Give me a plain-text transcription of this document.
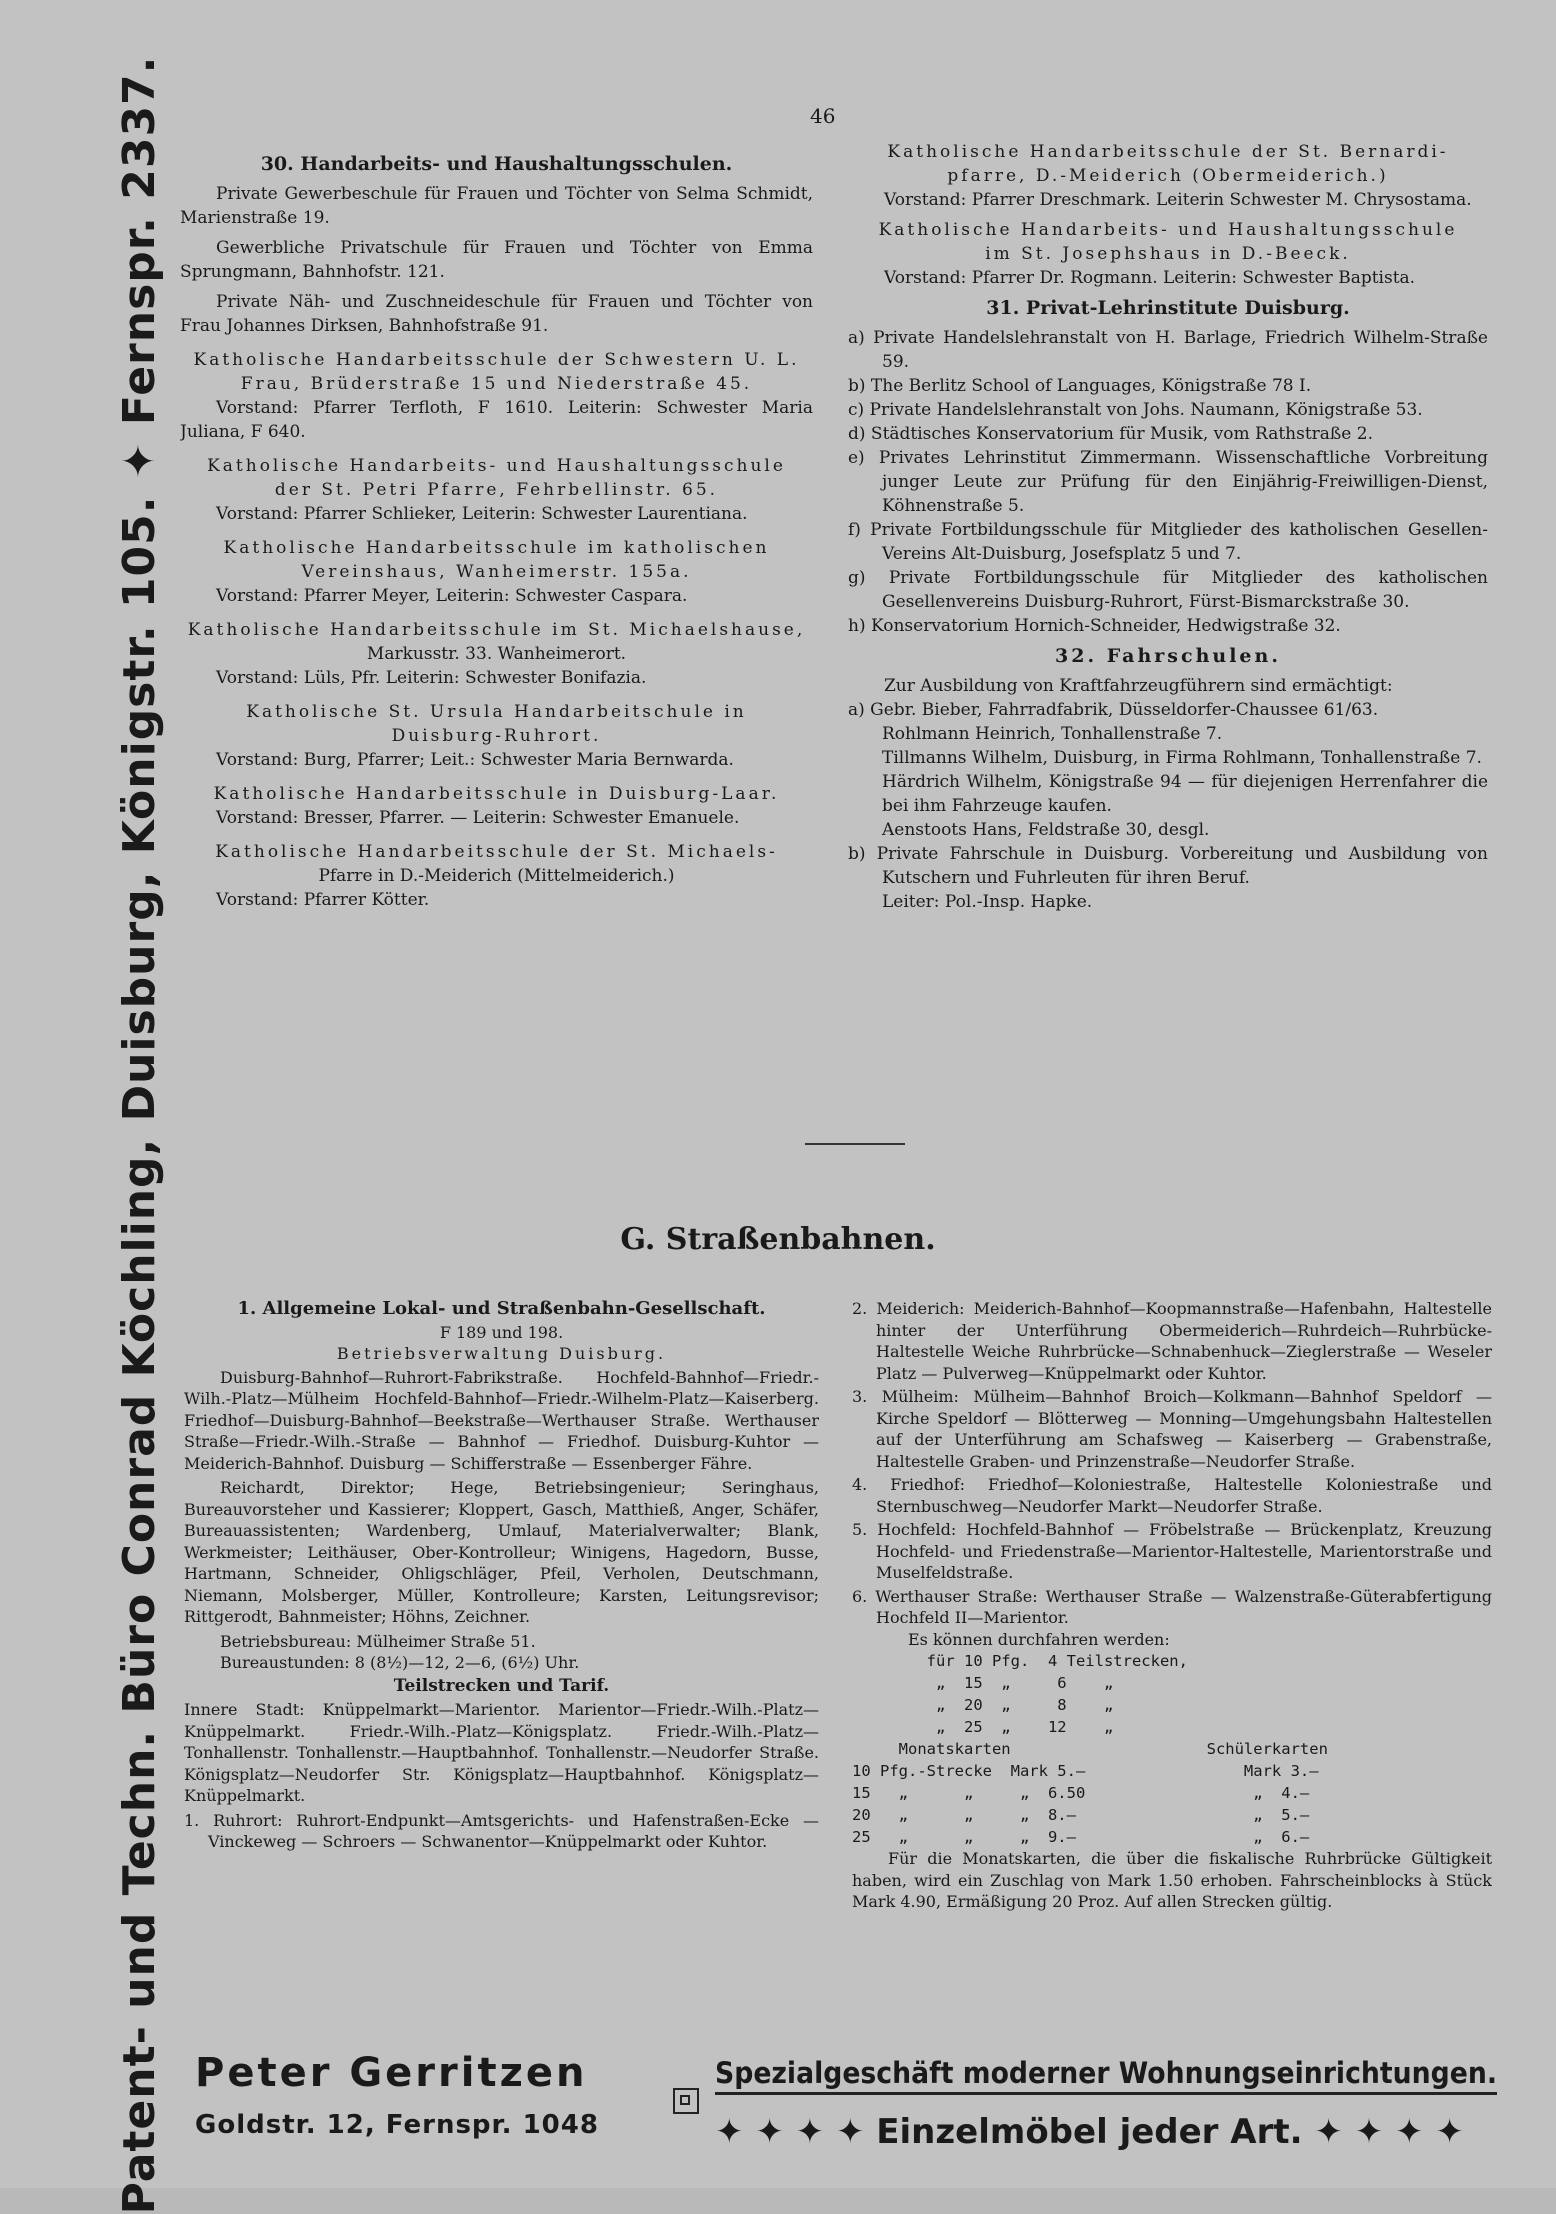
Patent- und Techn. Büro Conrad Köchling, Duisburg, Königstr. 105. ✦ Fernspr. 2337.	46
30. Handarbeits- und Haushaltungsschulen.

Private Gewerbeschule für Frauen und Töchter von Selma Schmidt, Marienstraße 19.

Gewerbliche Privatschule für Frauen und Töchter von Emma Sprungmann, Bahnhofstr. 121.

Private Näh- und Zuschneideschule für Frauen und Töchter von Frau Johannes Dirksen, Bahnhofstraße 91.

Katholische Handarbeitsschule der Schwestern U. L.

Frau, Brüderstraße 15 und Niederstraße 45.

Vorstand: Pfarrer Terfloth, F 1610. Leiterin: Schwester Maria Juliana, F 640.

Katholische Handarbeits- und Haushaltungsschule

der St. Petri Pfarre, Fehrbellinstr. 65.

Vorstand: Pfarrer Schlieker, Leiterin: Schwester Laurentiana.

Katholische Handarbeitsschule im katholischen

Vereinshaus, Wanheimerstr. 155a.

Vorstand: Pfarrer Meyer, Leiterin: Schwester Caspara.

Katholische Handarbeitsschule im St. Michaelshause,

Markusstr. 33. Wanheimerort.

Vorstand: Lüls, Pfr. Leiterin: Schwester Bonifazia.

Katholische St. Ursula Handarbeitschule in

Duisburg-Ruhrort.

Vorstand: Burg, Pfarrer; Leit.: Schwester Maria Bernwarda.

Katholische Handarbeitsschule in Duisburg-Laar.

Vorstand: Bresser, Pfarrer. — Leiterin: Schwester Emanuele.

Katholische Handarbeitsschule der St. Michaels-

Pfarre in D.-Meiderich (Mittelmeiderich.)

Vorstand: Pfarrer Kötter.

Katholische Handarbeitsschule der St. Bernardi-

pfarre, D.-Meiderich (Obermeiderich.)

Vorstand: Pfarrer Dreschmark. Leiterin Schwester M. Chrysostama.

Katholische Handarbeits- und Haushaltungsschule

im St. Josephshaus in D.-Beeck.

Vorstand: Pfarrer Dr. Rogmann. Leiterin: Schwester Baptista.

31. Privat-Lehrinstitute Duisburg.

a) Private Handelslehranstalt von H. Barlage, Friedrich Wilhelm-Straße 59.

b) The Berlitz School of Languages, Königstraße 78 I.

c) Private Handelslehranstalt von Johs. Naumann, Königstraße 53.

d) Städtisches Konservatorium für Musik, vom Rathstraße 2.

e) Privates Lehrinstitut Zimmermann. Wissenschaftliche Vorbreitung junger Leute zur Prüfung für den Einjährig-Freiwilligen-Dienst, Köhnenstraße 5.

f) Private Fortbildungsschule für Mitglieder des katholischen Gesellen-Vereins Alt-Duisburg, Josefsplatz 5 und 7.

g) Private Fortbildungsschule für Mitglieder des katholischen Gesellenvereins Duisburg-Ruhrort, Fürst-Bismarckstraße 30.

h) Konservatorium Hornich-Schneider, Hedwigstraße 32.

32. Fahrschulen.

Zur Ausbildung von Kraftfahrzeugführern sind ermächtigt:

a) Gebr. Bieber, Fahrradfabrik, Düsseldorfer-Chaussee 61/63.

Rohlmann Heinrich, Tonhallenstraße 7.

Tillmanns Wilhelm, Duisburg, in Firma Rohlmann, Tonhallenstraße 7.

Härdrich Wilhelm, Königstraße 94 — für diejenigen Herrenfahrer die bei ihm Fahrzeuge kaufen.

Aenstoots Hans, Feldstraße 30, desgl.

b) Private Fahrschule in Duisburg. Vorbereitung und Ausbildung von Kutschern und Fuhrleuten für ihren Beruf.

Leiter: Pol.-Insp. Hapke.

G. Straßenbahnen.
1. Allgemeine Lokal- und Straßenbahn-Gesellschaft.

F 189 und 198.

Betriebsverwaltung Duisburg.

Duisburg-Bahnhof—Ruhrort-Fabrikstraße. Hochfeld-Bahnhof—Friedr.-Wilh.-Platz—Mülheim Hochfeld-Bahnhof—Friedr.-Wilhelm-Platz—Kaiserberg. Friedhof—Duisburg-Bahnhof—Beekstraße—Werthauser Straße. Werthauser Straße—Friedr.-Wilh.-Straße — Bahnhof — Friedhof. Duisburg-Kuhtor — Meiderich-Bahnhof. Duisburg — Schifferstraße — Essenberger Fähre.

Reichardt, Direktor; Hege, Betriebsingenieur; Seringhaus, Bureauvorsteher und Kassierer; Kloppert, Gasch, Matthieß, Anger, Schäfer, Bureauassistenten; Wardenberg, Umlauf, Materialverwalter; Blank, Werkmeister; Leithäuser, Ober-Kontrolleur; Winigens, Hagedorn, Busse, Hartmann, Schneider, Ohligschläger, Pfeil, Verholen, Deutschmann, Niemann, Molsberger, Müller, Kontrolleure; Karsten, Leitungsrevisor; Rittgerodt, Bahnmeister; Höhns, Zeichner.

Betriebsbureau: Mülheimer Straße 51.

Bureaustunden: 8 (8½)—12, 2—6, (6½) Uhr.

Teilstrecken und Tarif.

Innere Stadt: Knüppelmarkt—Marientor. Marientor—Friedr.-Wilh.-Platz—Knüppelmarkt. Friedr.-Wilh.-Platz—Königsplatz. Friedr.-Wilh.-Platz—Tonhallenstr. Tonhallenstr.—Hauptbahnhof. Tonhallenstr.—Neudorfer Straße. Königsplatz—Neudorfer Str. Königsplatz—Hauptbahnhof. Königsplatz—Knüppelmarkt.

1. Ruhrort: Ruhrort-Endpunkt—Amtsgerichts- und Hafenstraßen-Ecke — Vinckeweg — Schroers — Schwanentor—Knüppelmarkt oder Kuhtor.

2. Meiderich: Meiderich-Bahnhof—Koopmannstraße—Hafenbahn, Haltestelle hinter der Unterführung Obermeiderich—Ruhrdeich—Ruhrbücke-Haltestelle Weiche Ruhrbrücke—Schnabenhuck—Zieglerstraße — Weseler Platz — Pulverweg—Knüppelmarkt oder Kuhtor.

3. Mülheim: Mülheim—Bahnhof Broich—Kolkmann—Bahnhof Speldorf — Kirche Speldorf — Blötterweg — Monning—Umgehungsbahn Haltestellen auf der Unterführung am Schafsweg — Kaiserberg — Grabenstraße, Haltestelle Graben- und Prinzenstraße—Neudorfer Straße.

4. Friedhof: Friedhof—Koloniestraße, Haltestelle Koloniestraße und Sternbuschweg—Neudorfer Markt—Neudorfer Straße.

5. Hochfeld: Hochfeld-Bahnhof — Fröbelstraße — Brückenplatz, Kreuzung Hochfeld- und Friedenstraße—Marientor-Haltestelle, Marientorstraße und Muselfeldstraße.

6. Werthauser Straße: Werthauser Straße — Walzenstraße-Güterabfertigung Hochfeld II—Marientor.

Es können durchfahren werden:

für 10 Pfg.  4 Teilstrecken,
„  15  „     6    „
„  20  „     8    „
„  25  „    12    „
Monatskarten                     Schülerkarten
10 Pfg.-Strecke  Mark 5.—                 Mark 3.—
15   „      „     „  6.50                  „  4.—
20   „      „     „  8.—                   „  5.—
25   „      „     „  9.—                   „  6.—

Für die Monatskarten, die über die fiskalische Ruhrbrücke Gültigkeit haben, wird ein Zuschlag von Mark 1.50 erhoben. Fahrscheinblocks à Stück Mark 4.90, Ermäßigung 20 Proz. Auf allen Strecken gültig.

Peter Gerritzen
Goldstr. 12, Fernspr. 1048
Spezialgeschäft moderner Wohnungseinrichtungen.
✦ ✦ ✦ ✦ Einzelmöbel jeder Art. ✦ ✦ ✦ ✦
